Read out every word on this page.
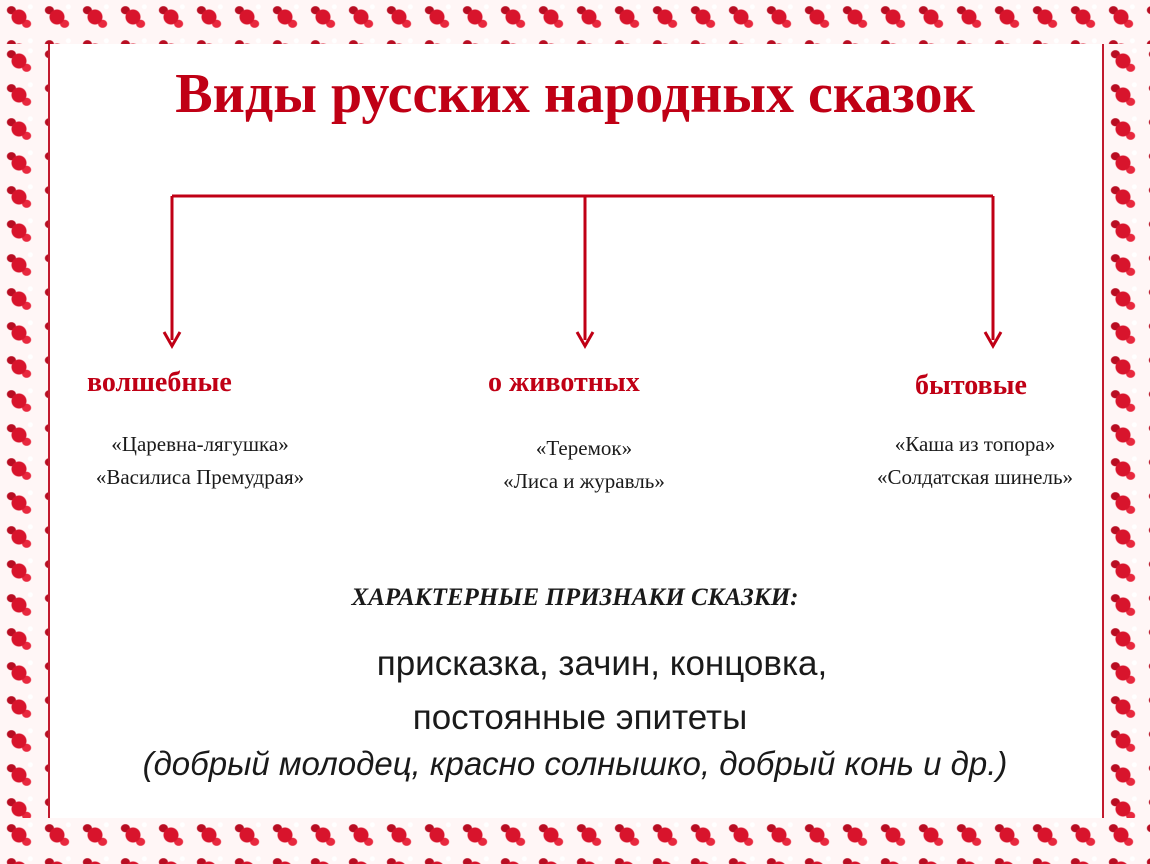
Виды русских народных сказок
волшебные	о животных	бытовые
«Царевна-лягушка»
«Василиса Премудрая»
«Теремок»
«Лиса и журавль»
«Каша из топора»
«Солдатская шинель»
ХАРАКТЕРНЫЕ ПРИЗНАКИ СКАЗКИ:
присказка, зачин, концовка,
постоянные эпитеты
(добрый молодец, красно солнышко, добрый конь и др.)
